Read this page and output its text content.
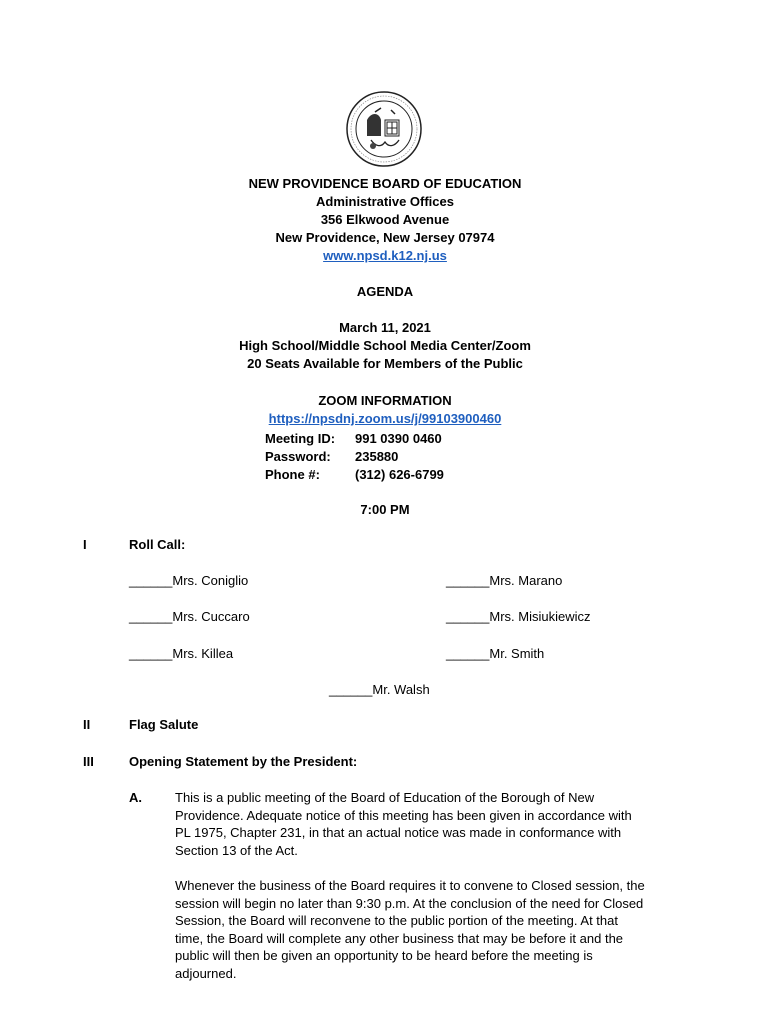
NEW PROVIDENCE BOARD OF EDUCATION
Administrative Offices
356 Elkwood Avenue
New Providence, New Jersey 07974
www.npsd.k12.nj.us
AGENDA
March 11, 2021
High School/Middle School Media Center/Zoom
20 Seats Available for Members of the Public
ZOOM INFORMATION
https://npsdnj.zoom.us/j/99103900460
Meeting ID: 991 0390 0460
Password: 235880
Phone #:	(312) 626-6799
7:00 PM
I	Roll Call:
______Mrs. Coniglio	______Mrs. Marano
______Mrs. Cuccaro	______Mrs. Misiukiewicz
______Mrs. Killea	______Mr. Smith
______Mr. Walsh
II	Flag Salute
III	Opening Statement by the President:
A.	This is a public meeting of the Board of Education of the Borough of New

Providence. Adequate notice of this meeting has been given in accordance with

PL 1975, Chapter 231, in that an actual notice was made in conformance with

Section 13 of the Act.

Whenever the business of the Board requires it to convene to Closed session, the

session will begin no later than 9:30 p.m. At the conclusion of the need for Closed

Session, the Board will reconvene to the public portion of the meeting. At that

time, the Board will complete any other business that may be before it and the

public will then be given an opportunity to be heard before the meeting is

adjourned.
